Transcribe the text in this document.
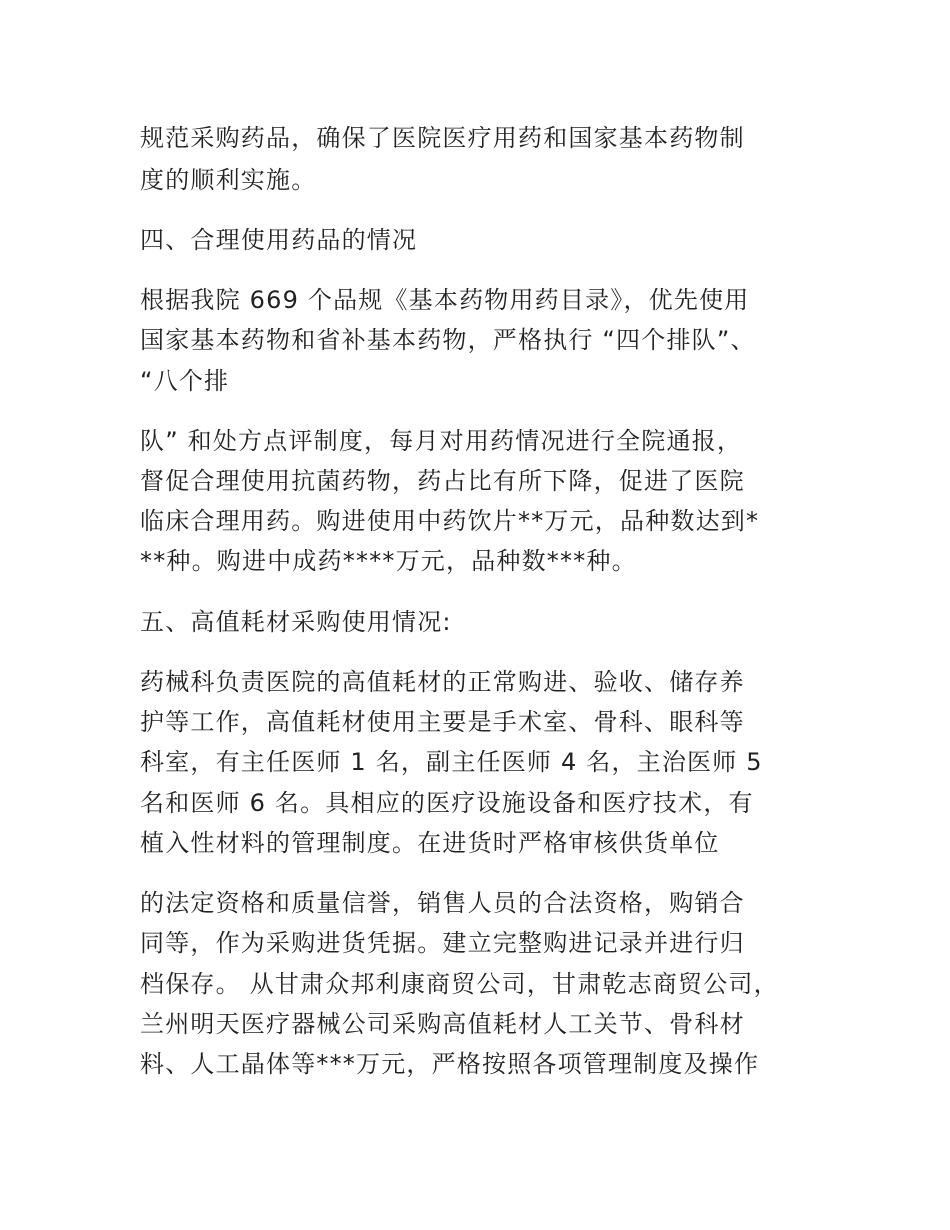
规范采购药品，确保了医院医疗用药和国家基本药物制
度的顺利实施。
四、合理使用药品的情况
根据我院 669 个品规《基本药物用药目录》，优先使用
国家基本药物和省补基本药物，严格执行 “四个排队”、
“八个排
队” 和处方点评制度，每月对用药情况进行全院通报，
督促合理使用抗菌药物，药占比有所下降，促进了医院
临床合理用药。购进使用中药饮片**万元，品种数达到*
**种。购进中成药****万元，品种数***种。
五、高值耗材采购使用情况:
药械科负责医院的高值耗材的正常购进、验收、储存养
护等工作，高值耗材使用主要是手术室、骨科、眼科等
科室，有主任医师 1 名，副主任医师 4 名，主治医师 5
名和医师 6 名。具相应的医疗设施设备和医疗技术，有
植入性材料的管理制度。在进货时严格审核供货单位
的法定资格和质量信誉，销售人员的合法资格，购销合
同等，作为采购进货凭据。建立完整购进记录并进行归
档保存。 从甘肃众邦利康商贸公司，甘肃乾志商贸公司，
兰州明天医疗器械公司采购高值耗材人工关节、骨科材
料、人工晶体等***万元，严格按照各项管理制度及操作
